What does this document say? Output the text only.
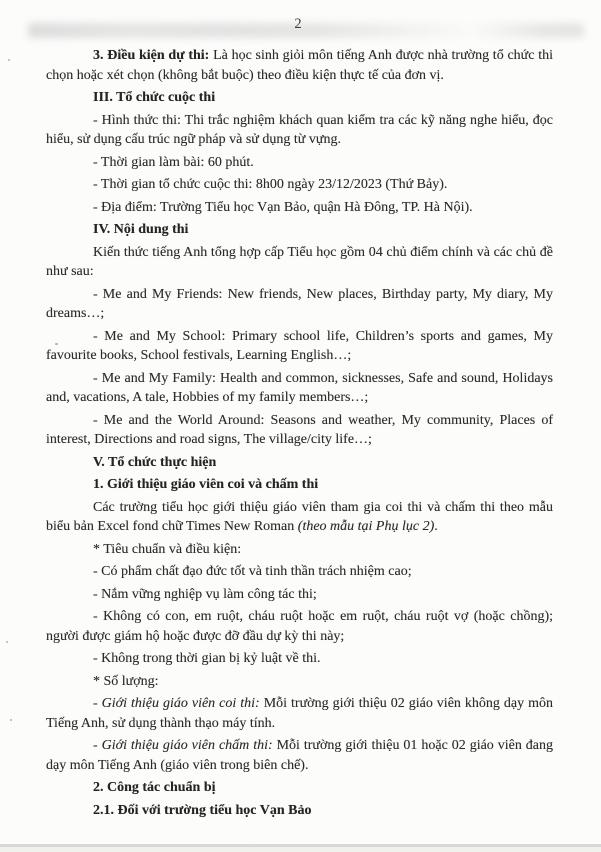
2

3. Điều kiện dự thi: Là học sinh giỏi môn tiếng Anh được nhà trường tổ chức thi chọn hoặc xét chọn (không bắt buộc) theo điều kiện thực tế của đơn vị.

III. Tổ chức cuộc thi

- Hình thức thi: Thi trắc nghiệm khách quan kiểm tra các kỹ năng nghe hiểu, đọc hiểu, sử dụng cấu trúc ngữ pháp và sử dụng từ vựng.

- Thời gian làm bài: 60 phút.

- Thời gian tổ chức cuộc thi: 8h00 ngày 23/12/2023 (Thứ Bảy).

- Địa điểm: Trường Tiểu học Vạn Bảo, quận Hà Đông, TP. Hà Nội).

IV. Nội dung thi

Kiến thức tiếng Anh tổng hợp cấp Tiểu học gồm 04 chủ điểm chính và các chủ đề như sau:

- Me and My Friends: New friends, New places, Birthday party, My diary, My dreams…;

- Me and My School: Primary school life, Children’s sports and games, My favourite books, School festivals, Learning English…;

- Me and My Family: Health and common, sicknesses, Safe and sound, Holidays and, vacations, A tale, Hobbies of my family members…;

- Me and the World Around: Seasons and weather, My community, Places of interest, Directions and road signs, The village/city life…;

V. Tổ chức thực hiện

1. Giới thiệu giáo viên coi và chấm thi

Các trường tiểu học giới thiệu giáo viên tham gia coi thi và chấm thi theo mẫu biểu bản Excel fond chữ Times New Roman (theo mẫu tại Phụ lục 2).

* Tiêu chuẩn và điều kiện:

- Có phẩm chất đạo đức tốt và tinh thần trách nhiệm cao;

- Nắm vững nghiệp vụ làm công tác thi;

- Không có con, em ruột, cháu ruột hoặc em ruột, cháu ruột vợ (hoặc chồng); người được giám hộ hoặc được đỡ đầu dự kỳ thi này;

- Không trong thời gian bị kỷ luật về thi.

* Số lượng:

- Giới thiệu giáo viên coi thi: Mỗi trường giới thiệu 02 giáo viên không dạy môn Tiếng Anh, sử dụng thành thạo máy tính.

- Giới thiệu giáo viên chấm thi: Mỗi trường giới thiệu 01 hoặc 02 giáo viên đang dạy môn Tiếng Anh (giáo viên trong biên chế).

2. Công tác chuẩn bị

2.1. Đối với trường tiểu học Vạn Bảo
